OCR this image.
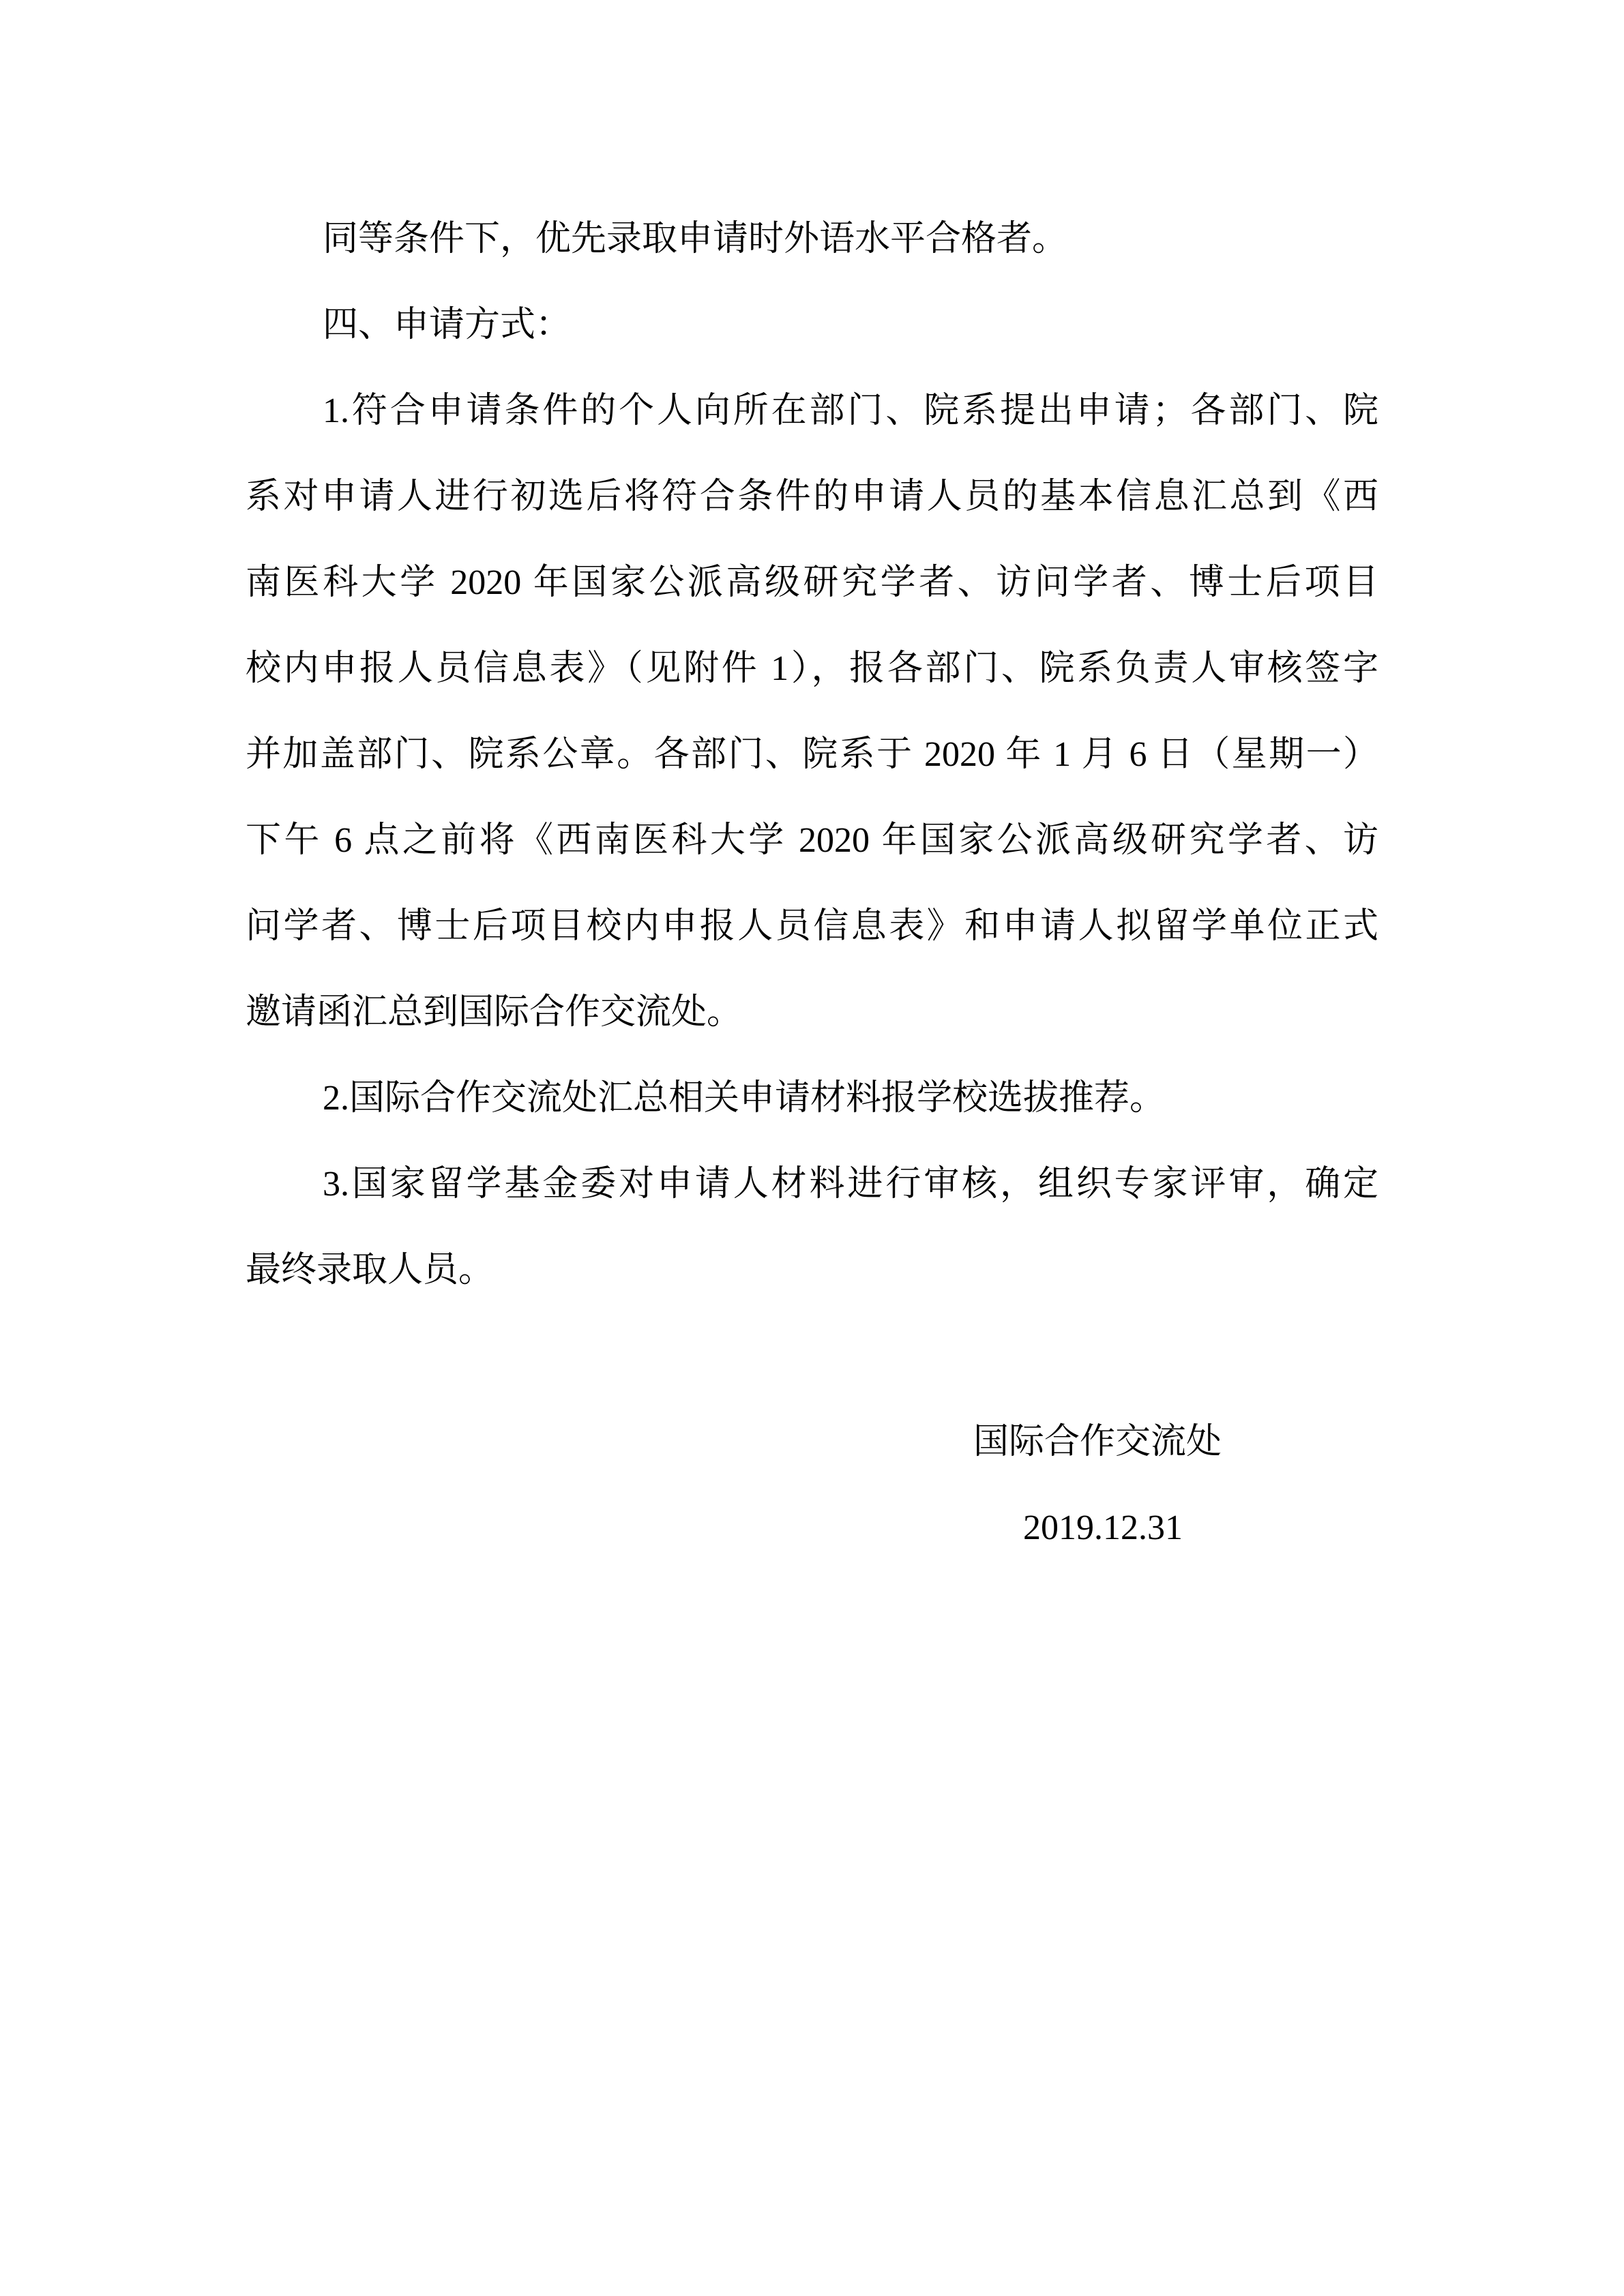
同等条件下，优先录取申请时外语水平合格者。
四、申请方式：
1.符合申请条件的个人向所在部门、院系提出申请；各部门、院
系对申请人进行初选后将符合条件的申请人员的基本信息汇总到《西
南医科大学 2020 年国家公派高级研究学者、访问学者、博士后项目
校内申报人员信息表》（见附件 1），报各部门、院系负责人审核签字
并加盖部门、院系公章。各部门、院系于 2020 年 1 月 6 日（星期一）
下午 6 点之前将《西南医科大学 2020 年国家公派高级研究学者、访
问学者、博士后项目校内申报人员信息表》和申请人拟留学单位正式
邀请函汇总到国际合作交流处。
2.国际合作交流处汇总相关申请材料报学校选拔推荐。
3.国家留学基金委对申请人材料进行审核，组织专家评审，确定
最终录取人员。
国际合作交流处
2019.12.31
